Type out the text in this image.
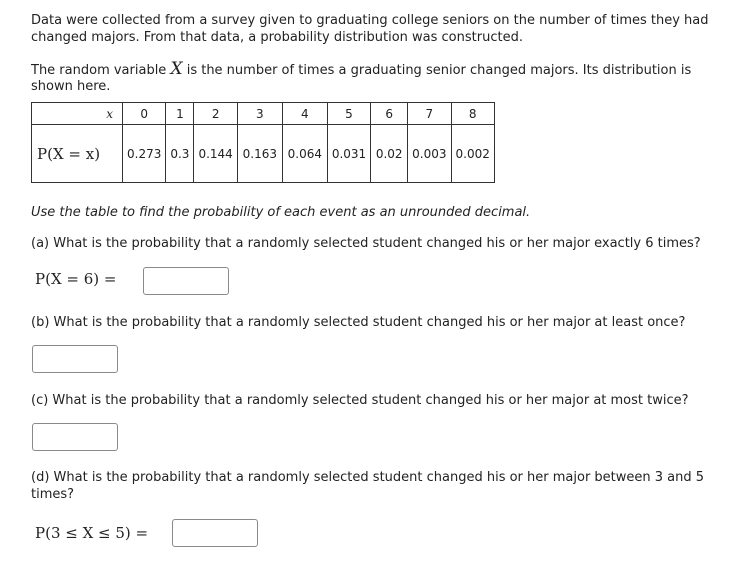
Data were collected from a survey given to graduating college seniors on the number of times they had

changed majors. From that data, a probability distribution was constructed.

The random variable X is the number of times a graduating senior changed majors. Its distribution is

shown here.

x	0	1	2	3	4	5	6	7	8
P(X = x)	0.273	0.3	0.144	0.163	0.064	0.031	0.02	0.003	0.002

Use the table to find the probability of each event as an unrounded decimal.

(a) What is the probability that a randomly selected student changed his or her major exactly 6 times?

P(X = 6) =

(b) What is the probability that a randomly selected student changed his or her major at least once?

(c) What is the probability that a randomly selected student changed his or her major at most twice?

(d) What is the probability that a randomly selected student changed his or her major between 3 and 5

times?

P(3 ≤ X ≤ 5) =
